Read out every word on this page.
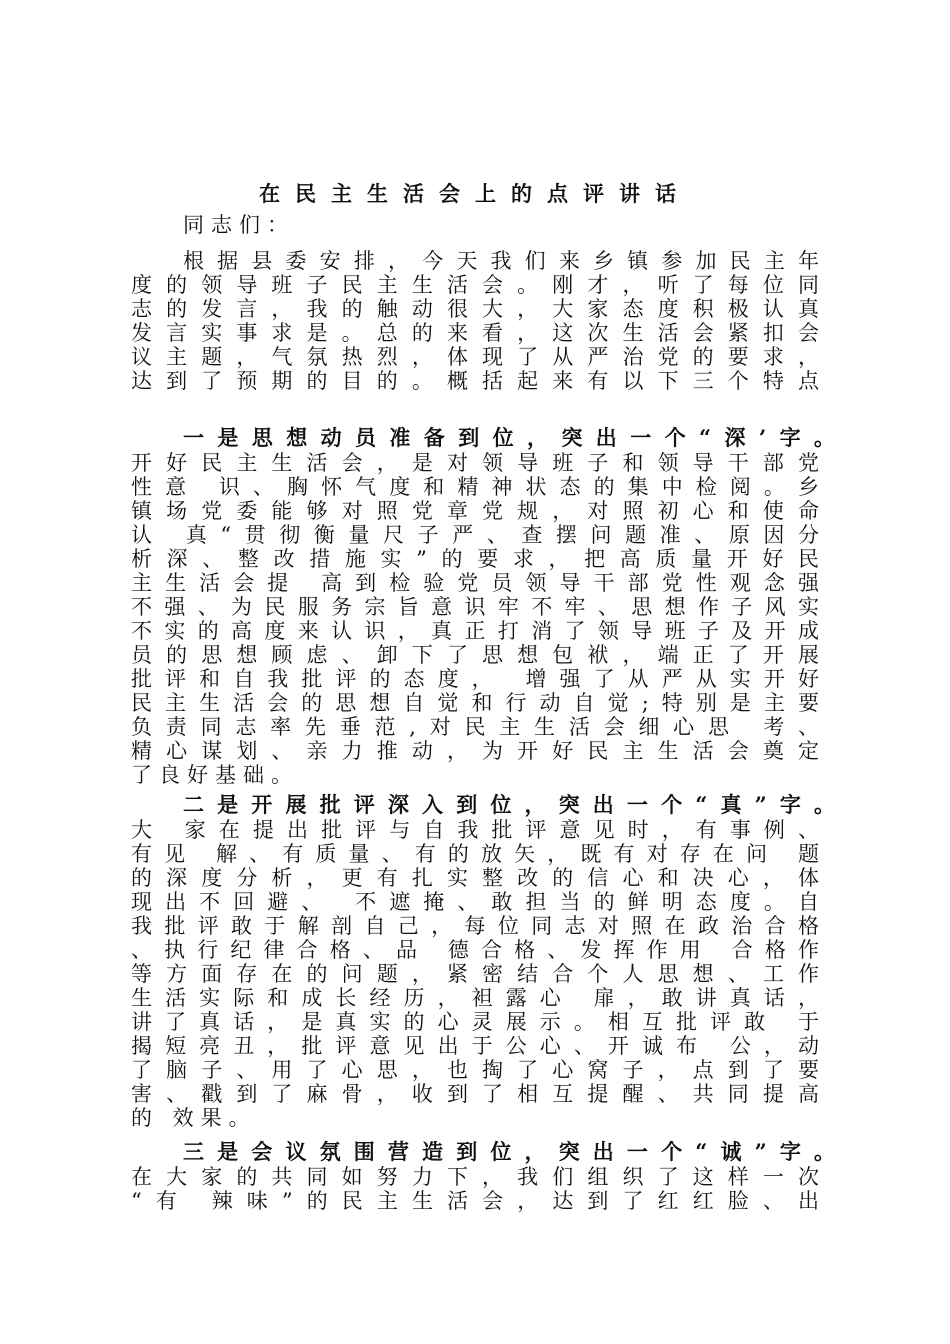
在民主生活会上的点评讲话
同志们：
根据县委安排，今天我们来乡镇参加民主年
度的领导班子民主生活会。刚才，听了每位同
志的发言，我的触动很大，大家态度积极认真
发言实事求是。总的来看，这次生活会紧扣会
议主题，气氛热烈，体现了从严治党的要求，
达到了预期的目的。概括起来有以下三个特点
一是思想动员准备到位，突出一个“深’字。
开好民主生活会，是对领导班子和领导干部党
性意 识、胸怀气度和精神状态的集中检阅。乡
镇场党委能够对照党章党规，对照初心和使命
认 真“贯彻衡量尺子严、查摆问题准、原因分
析深、整改措施实”的要求，把高质量开好民
主生活会提 高到检验党员领导干部党性观念强
不强、为民服务宗旨意识牢不牢、思想作子风实
不实的高度来认识，真正打消了领导班子及开成
员的思想顾虑、卸下了思想包袱，端正了开展
批评和自我批评的态度， 增强了从严从实开好
民主生活会的思想自觉和行动自觉;特别是主要
负责同志率先垂范,对民主生活会细心思 考、
精心谋划、亲力推动，为开好民主生活会奠定
了良好基础。
二是开展批评深入到位，突出一个“真”字。
大 家在提出批评与自我批评意见时，有事例、
有见 解、有质量、有的放矢，既有对存在问 题
的深度分析，更有扎实整改的信心和决心，体
现出不回避、 不遮掩、敢担当的鲜明态度。自
我批评敢于解剖自己，每位同志对照在政治合格
、执行纪律合格、品 德合格、发挥作用 合格作
等方面存在的问题，紧密结合个人思想、工作
生活实际和成长经历，袒露心 扉，敢讲真话，
讲了真话，是真实的心灵展示。相互批评敢 于
揭短亮丑，批评意见出于公心、开诚布 公，动
了脑子、用了心思，也掏了心窝子，点到了要
害、戳到了麻骨，收到了相互提醒、共同提高
的 效果。
三是会议氛围营造到位，突出一个“诚”字。
在大家的共同如努力下，我们组织了这样一次
“有 辣味”的民主生活会，达到了红红脸、出
